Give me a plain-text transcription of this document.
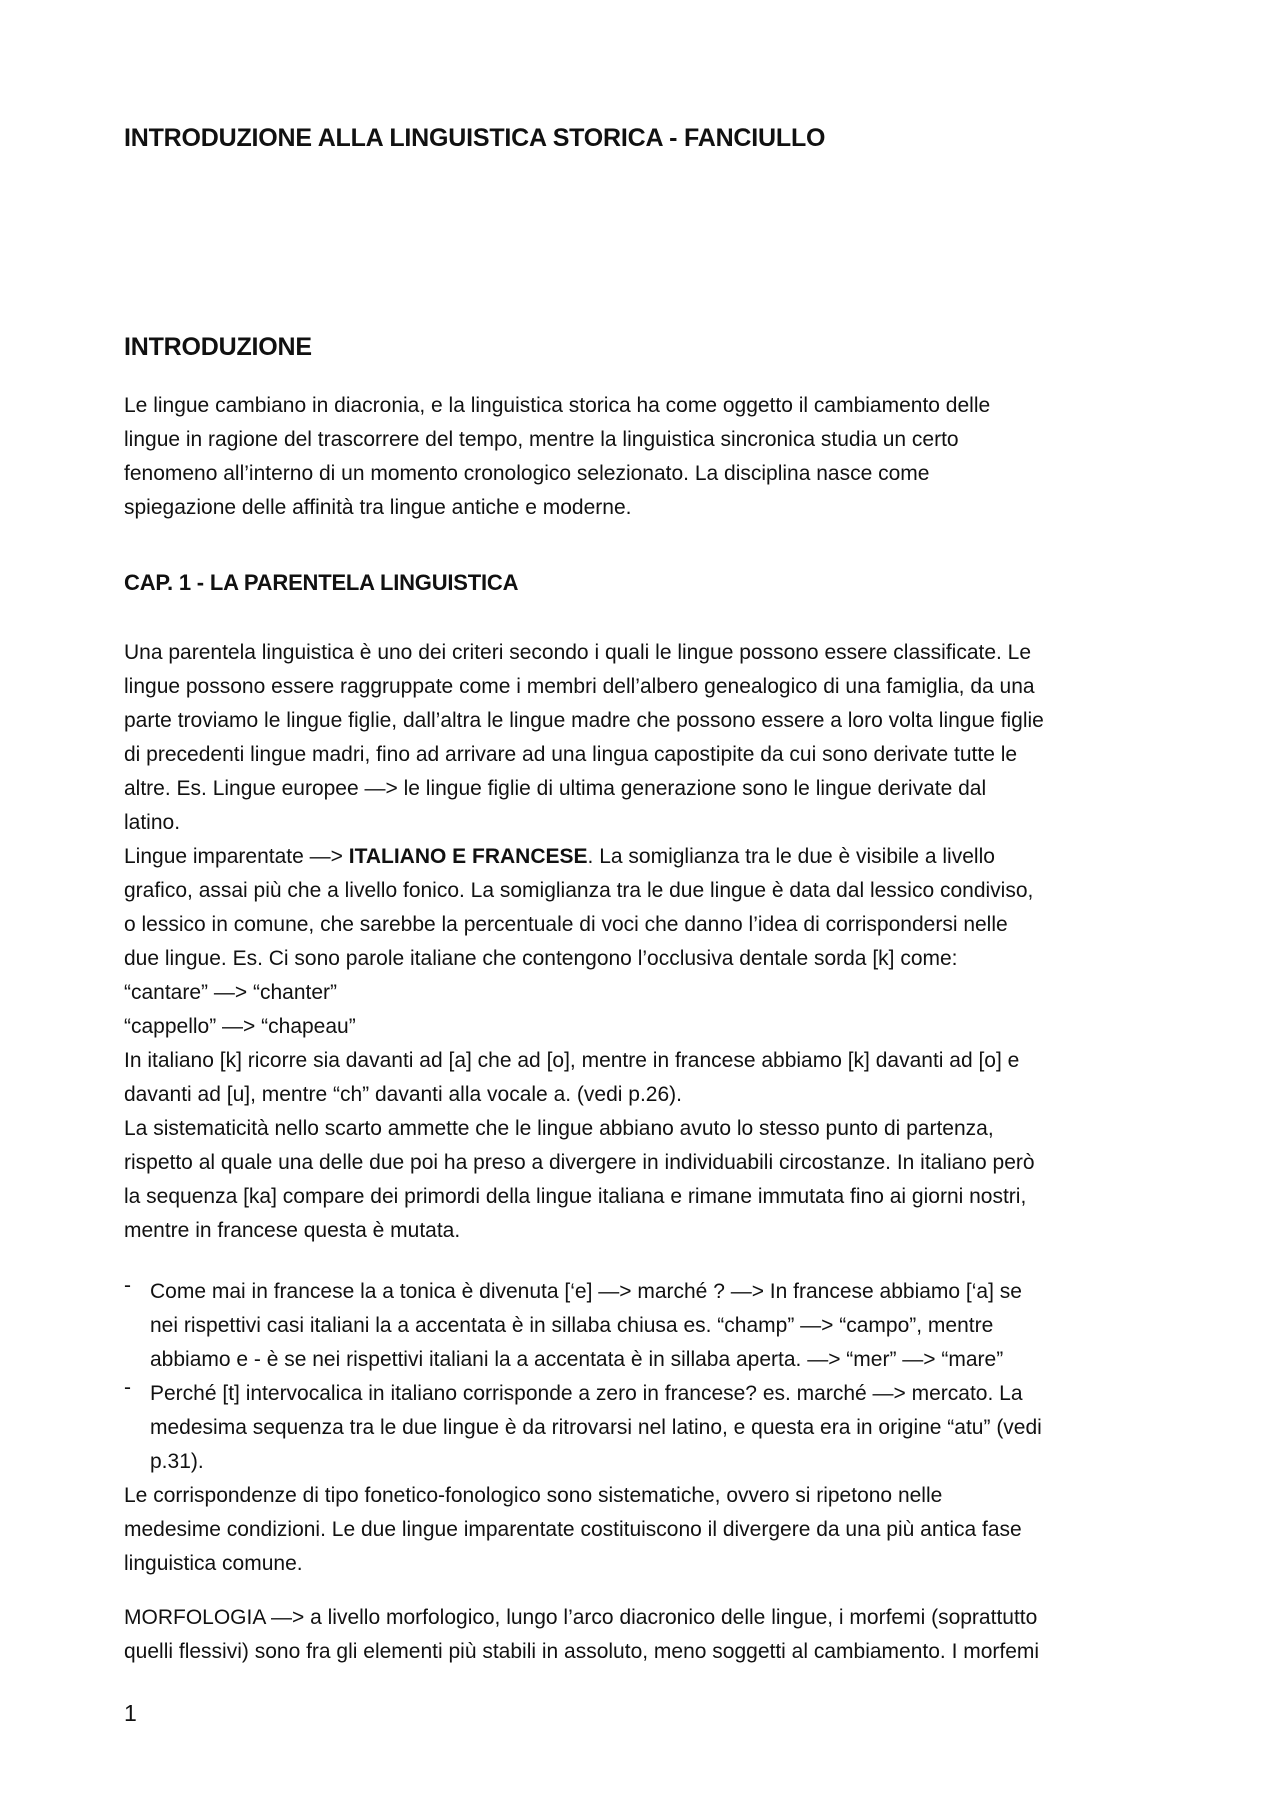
INTRODUZIONE ALLA LINGUISTICA STORICA - FANCIULLO
INTRODUZIONE

Le lingue cambiano in diacronia, e la linguistica storica ha come oggetto il cambiamento delle
lingue in ragione del trascorrere del tempo, mentre la linguistica sincronica studia un certo
fenomeno all’interno di un momento cronologico selezionato. La disciplina nasce come
spiegazione delle affinità tra lingue antiche e moderne.

CAP. 1 - LA PARENTELA LINGUISTICA

Una parentela linguistica è uno dei criteri secondo i quali le lingue possono essere classificate. Le
lingue possono essere raggruppate come i membri dell’albero genealogico di una famiglia, da una
parte troviamo le lingue figlie, dall’altra le lingue madre che possono essere a loro volta lingue figlie
di precedenti lingue madri, fino ad arrivare ad una lingua capostipite da cui sono derivate tutte le
altre. Es. Lingue europee —> le lingue figlie di ultima generazione sono le lingue derivate dal
latino.
Lingue imparentate —> ITALIANO E FRANCESE. La somiglianza tra le due è visibile a livello
grafico, assai più che a livello fonico. La somiglianza tra le due lingue è data dal lessico condiviso,
o lessico in comune, che sarebbe la percentuale di voci che danno l’idea di corrispondersi nelle
due lingue. Es. Ci sono parole italiane che contengono l’occlusiva dentale sorda [k] come:
“cantare” —> “chanter”
“cappello” —> “chapeau”
In italiano [k] ricorre sia davanti ad [a] che ad [o], mentre in francese abbiamo [k] davanti ad [o] e
davanti ad [u], mentre “ch” davanti alla vocale a. (vedi p.26).
La sistematicità nello scarto ammette che le lingue abbiano avuto lo stesso punto di partenza,
rispetto al quale una delle due poi ha preso a divergere in individuabili circostanze. In italiano però
la sequenza [ka] compare dei primordi della lingue italiana e rimane immutata fino ai giorni nostri,
mentre in francese questa è mutata.

- Come mai in francese la a tonica è divenuta [‘e] —> marché ? —> In francese abbiamo [‘a] se
nei rispettivi casi italiani la a accentata è in sillaba chiusa es. “champ” —> “campo”, mentre
abbiamo e - è se nei rispettivi italiani la a accentata è in sillaba aperta. —> “mer” —> “mare”
- Perché [t] intervocalica in italiano corrisponde a zero in francese? es. marché —> mercato. La
medesima sequenza tra le due lingue è da ritrovarsi nel latino, e questa era in origine “atu” (vedi
p.31).

Le corrispondenze di tipo fonetico-fonologico sono sistematiche, ovvero si ripetono nelle
medesime condizioni. Le due lingue imparentate costituiscono il divergere da una più antica fase
linguistica comune.

MORFOLOGIA —> a livello morfologico, lungo l’arco diacronico delle lingue, i morfemi (soprattutto
quelli flessivi) sono fra gli elementi più stabili in assoluto, meno soggetti al cambiamento. I morfemi

1
